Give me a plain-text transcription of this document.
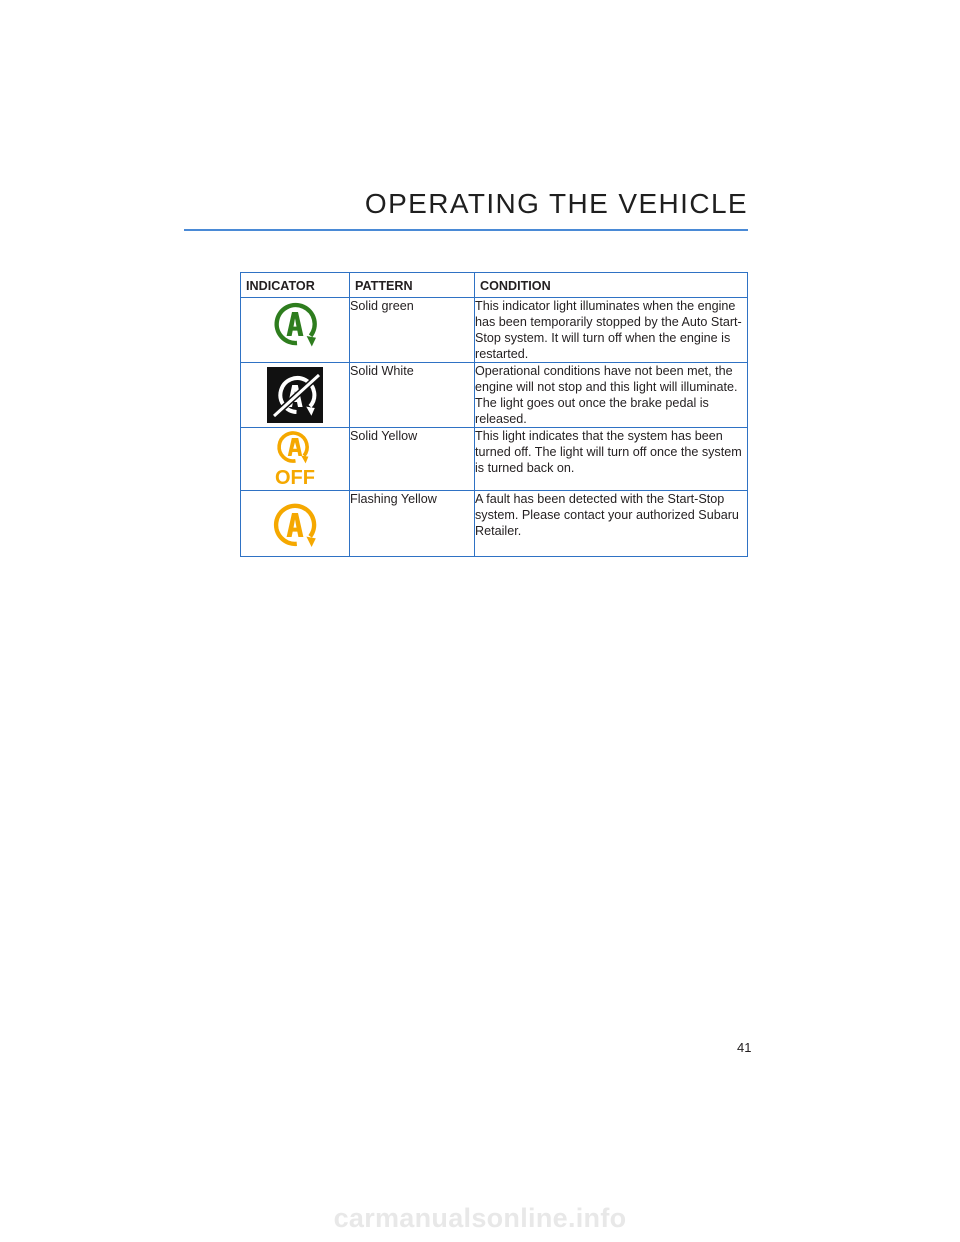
OPERATING THE VEHICLE
INDICATOR	PATTERN	CONDITION

	Solid green	This indicator light illuminates when the engine has been temporarily stopped by the Auto Start-Stop system. It will turn off when the engine is restarted.

	Solid White	Operational conditions have not been met, the engine will not stop and this light will illuminate. The light goes out once the brake pedal is released.

OFF	Solid Yellow	This light indicates that the system has been turned off. The light will turn off once the system is turned back on.

	Flashing Yellow	A fault has been detected with the Start-Stop system. Please contact your authorized Subaru Retailer.
41
carmanualsonline.info
